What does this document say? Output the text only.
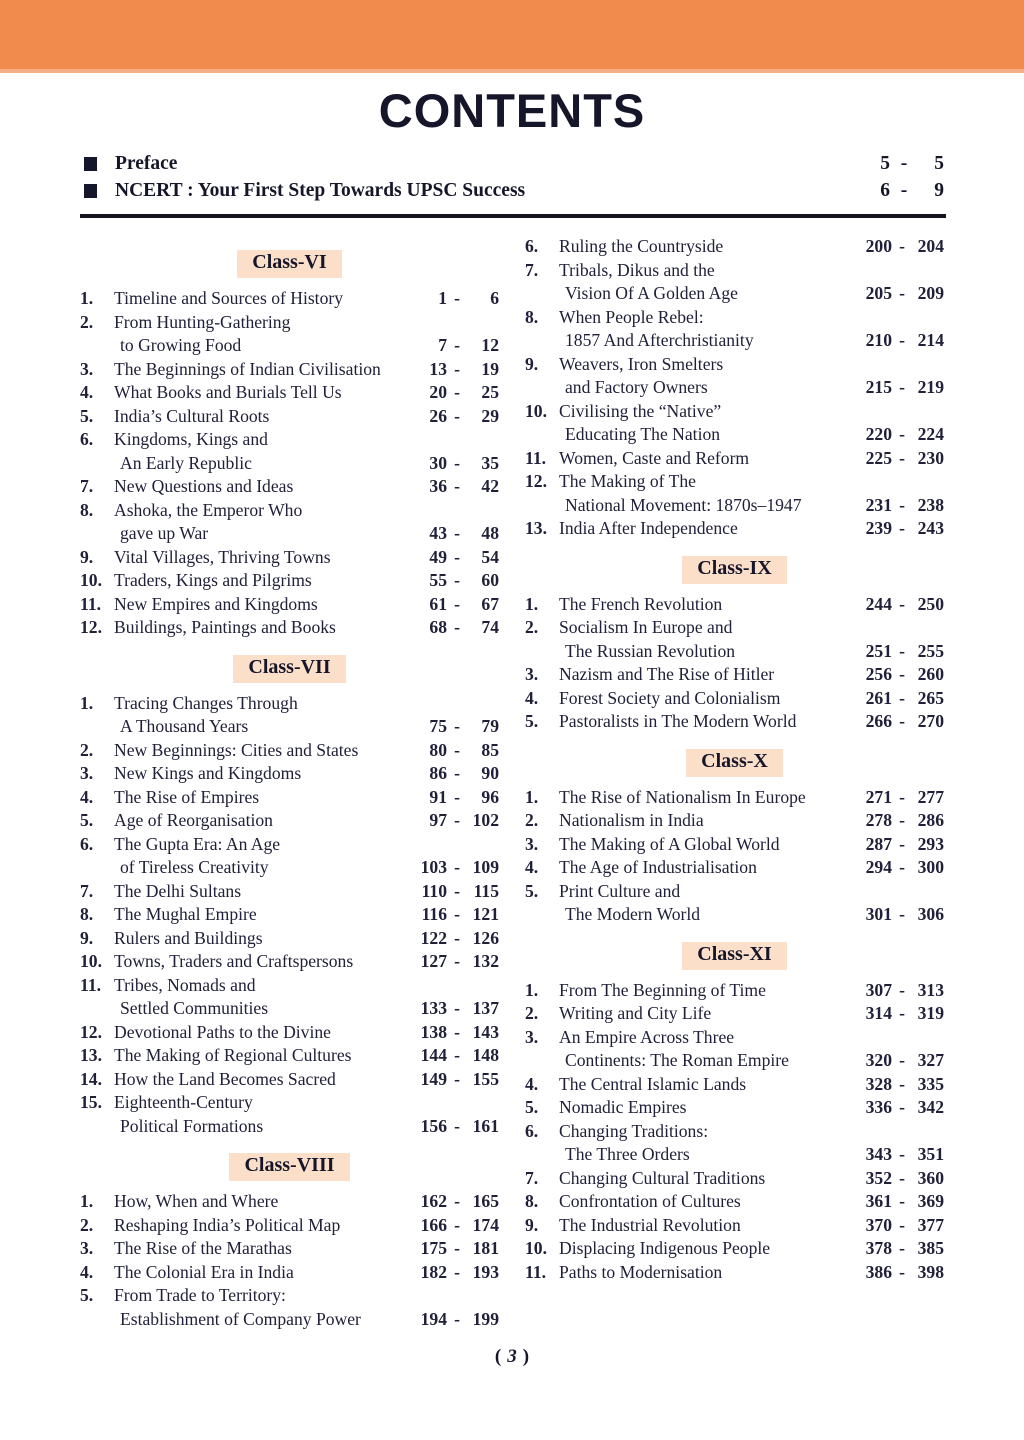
CONTENTS
Preface	5 -	5
NCERT : Your First Step Towards UPSC Success	6 -	9
Class-VI
1.	Timeline and Sources of History	1 -	6
2.	From Hunting-Gathering
to Growing Food	7 -	12
3.	The Beginnings of Indian Civilisation	13 -	19
4.	What Books and Burials Tell Us	20 -	25
5.	India’s Cultural Roots	26 -	29
6.	Kingdoms, Kings and
An Early Republic	30 -	35
7.	New Questions and Ideas	36 -	42
8.	Ashoka, the Emperor Who
gave up War	43 -	48
9.	Vital Villages, Thriving Towns	49 -	54
10. Traders, Kings and Pilgrims	55 -	60
11. New Empires and Kingdoms	61 -	67
12. Buildings, Paintings and Books	68 -	74
Class-VII
1.	Tracing Changes Through
A Thousand Years	75 -	79
2.	New Beginnings: Cities and States	80 -	85
3.	New Kings and Kingdoms	86 -	90
4.	The Rise of Empires	91 -	96
5.	Age of Reorganisation	97 - 102
6.	The Gupta Era: An Age
of Tireless Creativity	103 - 109
7.	The Delhi Sultans	110 - 115
8.	The Mughal Empire	116 - 121
9.	Rulers and Buildings	122 - 126
10. Towns, Traders and Craftspersons	127 - 132
11. Tribes, Nomads and
Settled Communities	133 - 137
12. Devotional Paths to the Divine	138 - 143
13. The Making of Regional Cultures	144 - 148
14. How the Land Becomes Sacred	149 - 155
15. Eighteenth-Century
Political Formations	156 - 161
Class-VIII
1.	How, When and Where	162 - 165
2.	Reshaping India’s Political Map	166 - 174
3.	The Rise of the Marathas	175 - 181
4.	The Colonial Era in India	182 - 193
5.	From Trade to Territory:
Establishment of Company Power	194 - 199
6.	Ruling the Countryside	200 - 204
7.	Tribals, Dikus and the
Vision Of A Golden Age	205 - 209
8.	When People Rebel:
1857 And Afterchristianity	210 - 214
9.	Weavers, Iron Smelters
and Factory Owners	215 - 219
10. Civilising the “Native”
Educating The Nation	220 - 224
11. Women, Caste and Reform	225 - 230
12. The Making of The
National Movement: 1870s–1947	231 - 238
13. India After Independence	239 - 243
Class-IX
1.	The French Revolution	244 - 250
2.	Socialism In Europe and
The Russian Revolution	251 - 255
3.	Nazism and The Rise of Hitler	256 - 260
4.	Forest Society and Colonialism	261 - 265
5.	Pastoralists in The Modern World	266 - 270
Class-X
1.	The Rise of Nationalism In Europe	271 - 277
2.	Nationalism in India	278 - 286
3.	The Making of A Global World	287 - 293
4.	The Age of Industrialisation	294 - 300
5.	Print Culture and
The Modern World	301 - 306
Class-XI
1.	From The Beginning of Time	307 - 313
2.	Writing and City Life	314 - 319
3.	An Empire Across Three
Continents: The Roman Empire	320 - 327
4.	The Central Islamic Lands	328 - 335
5.	Nomadic Empires	336 - 342
6.	Changing Traditions:
The Three Orders	343 - 351
7.	Changing Cultural Traditions	352 - 360
8.	Confrontation of Cultures	361 - 369
9.	The Industrial Revolution	370 - 377
10. Displacing Indigenous People	378 - 385
11. Paths to Modernisation	386 - 398
( 3 )
